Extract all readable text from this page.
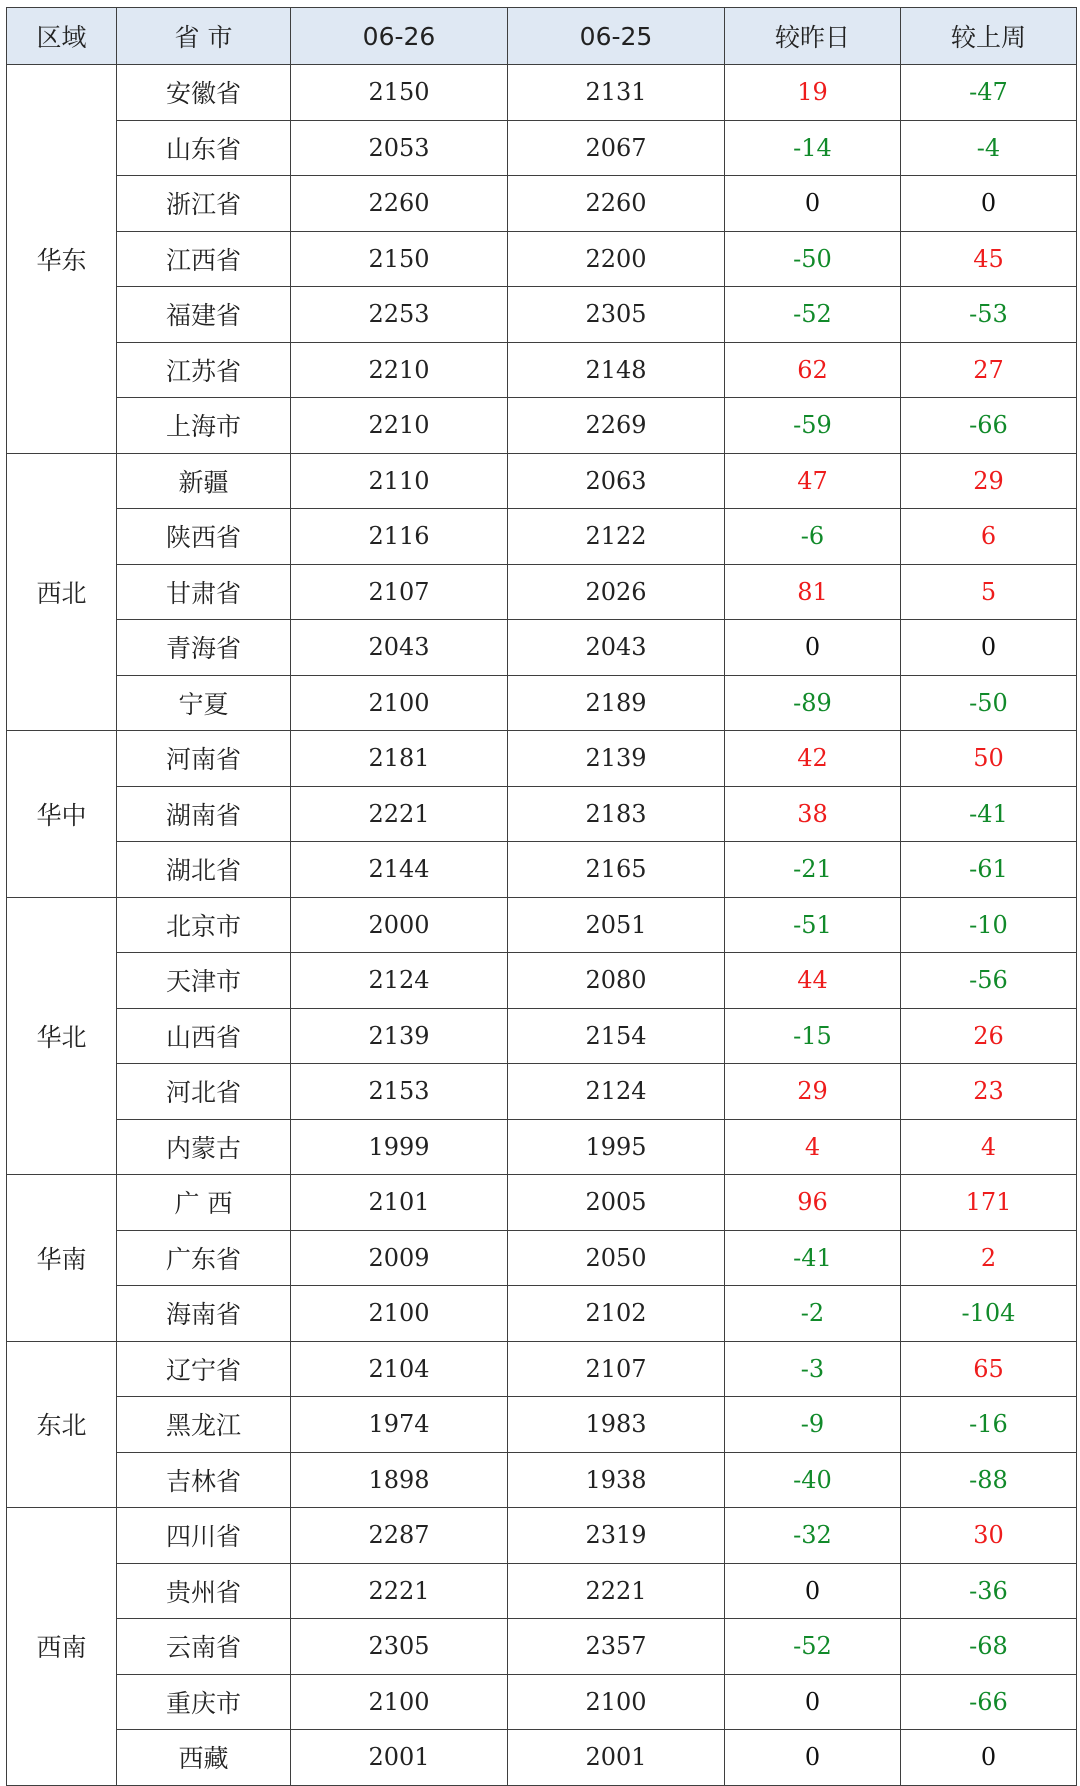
区域	省 市	06-26	06-25	较昨日	较上周
华东	安徽省	2150	2131	19	-47
	山东省	2053	2067	-14	-4
	浙江省	2260	2260	0	0
	江西省	2150	2200	-50	45
	福建省	2253	2305	-52	-53
	江苏省	2210	2148	62	27
	上海市	2210	2269	-59	-66
西北	新疆	2110	2063	47	29
	陕西省	2116	2122	-6	6
	甘肃省	2107	2026	81	5
	青海省	2043	2043	0	0
	宁夏	2100	2189	-89	-50
华中	河南省	2181	2139	42	50
	湖南省	2221	2183	38	-41
	湖北省	2144	2165	-21	-61
华北	北京市	2000	2051	-51	-10
	天津市	2124	2080	44	-56
	山西省	2139	2154	-15	26
	河北省	2153	2124	29	23
	内蒙古	1999	1995	4	4
华南	广 西	2101	2005	96	171
	广东省	2009	2050	-41	2
	海南省	2100	2102	-2	-104
东北	辽宁省	2104	2107	-3	65
	黑龙江	1974	1983	-9	-16
	吉林省	1898	1938	-40	-88
西南	四川省	2287	2319	-32	30
	贵州省	2221	2221	0	-36
	云南省	2305	2357	-52	-68
	重庆市	2100	2100	0	-66
	西藏	2001	2001	0	0
